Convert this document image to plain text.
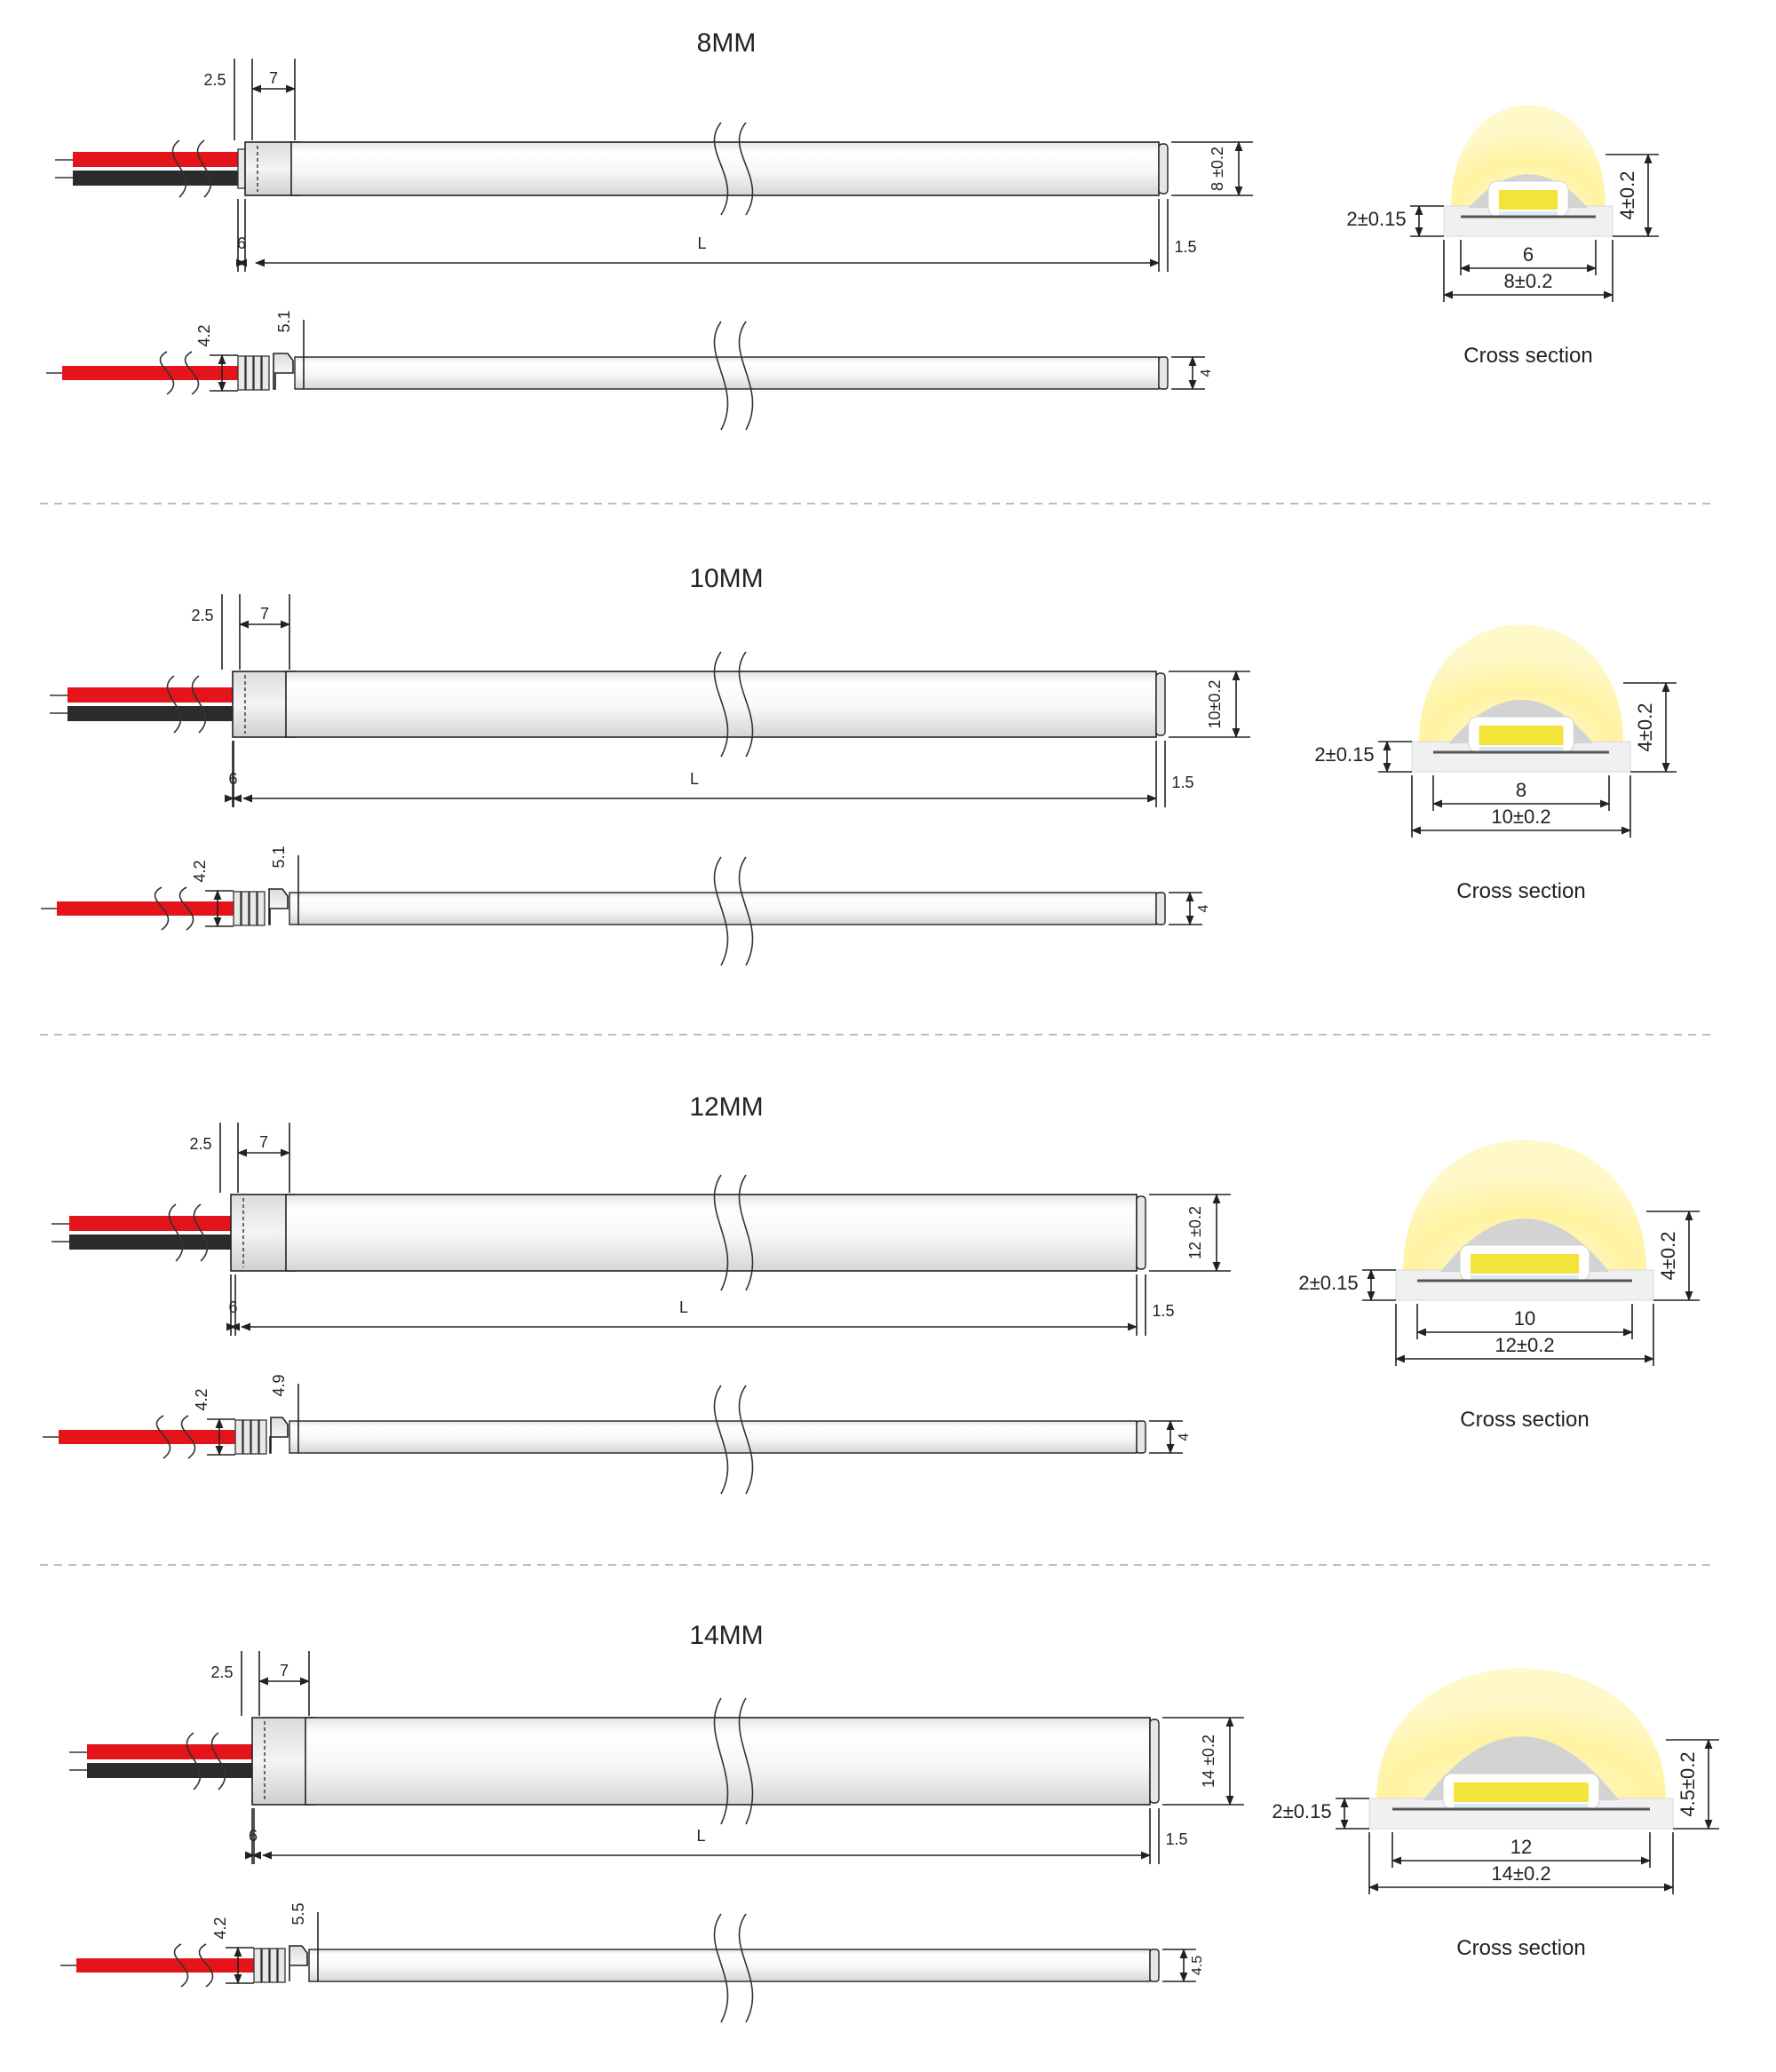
8MM
2.5	7
6	L	1.5
8 ±0.2
4.2
5.1
4
2±0.15	4±0.2
6
8±0.2
Cross section
10MM
2.5	7
6	L	1.5
10±0.2
4.2
5.1
4
2±0.15
4±0.2
8
10±0.2
Cross section
12MM
2.5	7
6	L	1.5
12 ±0.2
4.2
4.9
4
2±0.15
4±0.2
10
12±0.2
Cross section
14MM
2.5	7
6	L	1.5
14 ±0.2
4.2
5.5
4.5
2±0.15	4.5±0.2
12
14±0.2
Cross section
